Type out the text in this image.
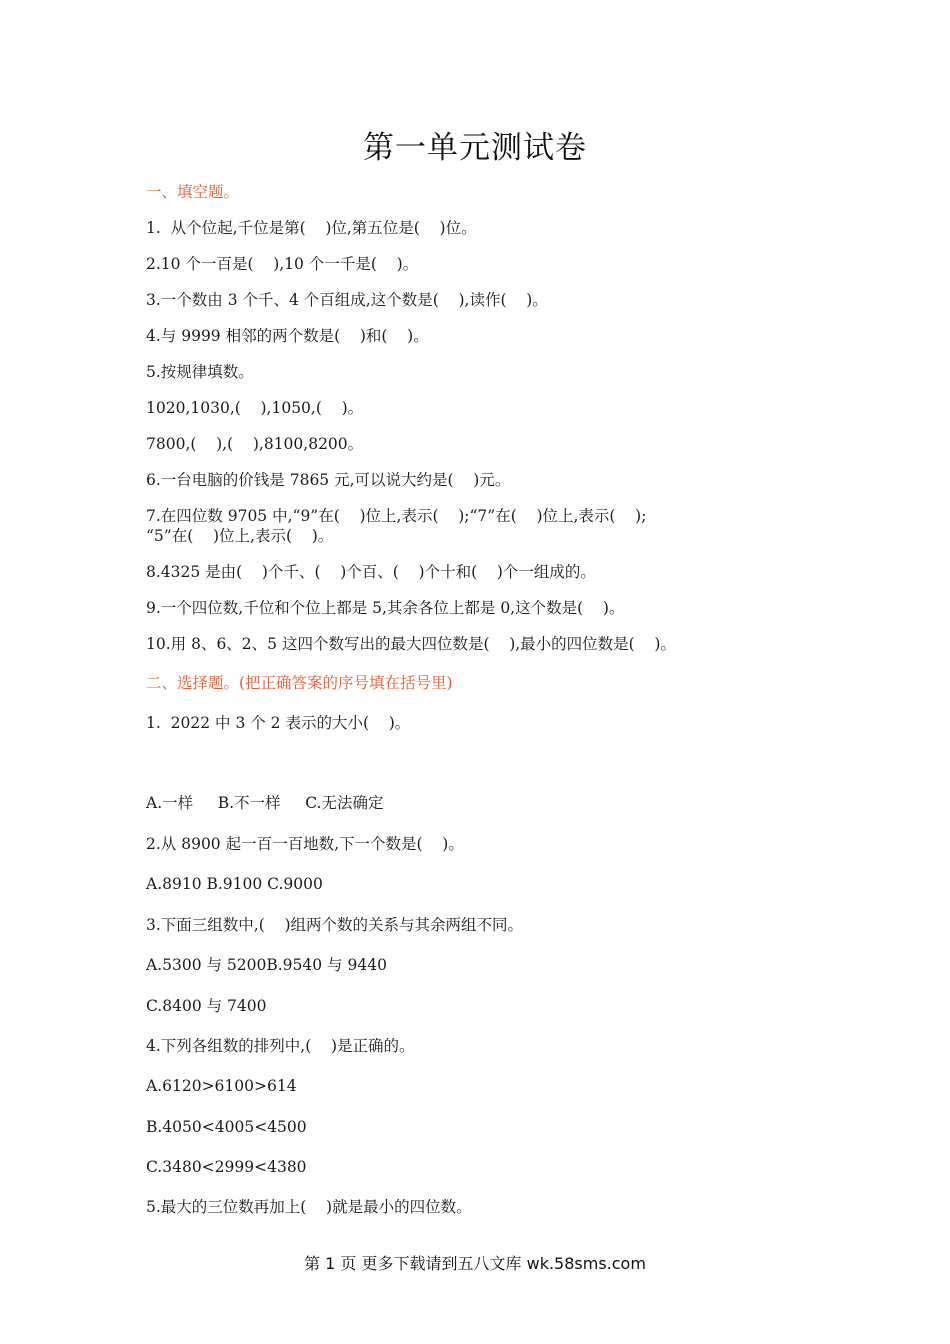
第一单元测试卷
一、填空题。
1.  从个位起,千位是第(    )位,第五位是(    )位。
2.10 个一百是(    ),10 个一千是(    )。
3.一个数由 3 个千、4 个百组成,这个数是(    ),读作(    )。
4.与 9999 相邻的两个数是(    )和(    )。
5.按规律填数。
1020,1030,(    ),1050,(    )。
7800,(    ),(    ),8100,8200。
6.一台电脑的价钱是 7865 元,可以说大约是(    )元。
7.在四位数 9705 中,“9”在(    )位上,表示(    );“7”在(    )位上,表示(    );
“5”在(    )位上,表示(    )。
8.4325 是由(    )个千、(    )个百、(    )个十和(    )个一组成的。
9.一个四位数,千位和个位上都是 5,其余各位上都是 0,这个数是(    )。
10.用 8、6、2、5 这四个数写出的最大四位数是(    ),最小的四位数是(    )。
二、选择题。(把正确答案的序号填在括号里)
1.  2022 中 3 个 2 表示的大小(    )。
A.一样     B.不一样     C.无法确定
2.从 8900 起一百一百地数,下一个数是(    )。
A.8910 B.9100 C.9000
3.下面三组数中,(    )组两个数的关系与其余两组不同。
A.5300 与 5200B.9540 与 9440
C.8400 与 7400
4.下列各组数的排列中,(    )是正确的。
A.6120>6100>614
B.4050<4005<4500
C.3480<2999<4380
5.最大的三位数再加上(    )就是最小的四位数。
第 1 页 更多下载请到五八文库 wk.58sms.com
